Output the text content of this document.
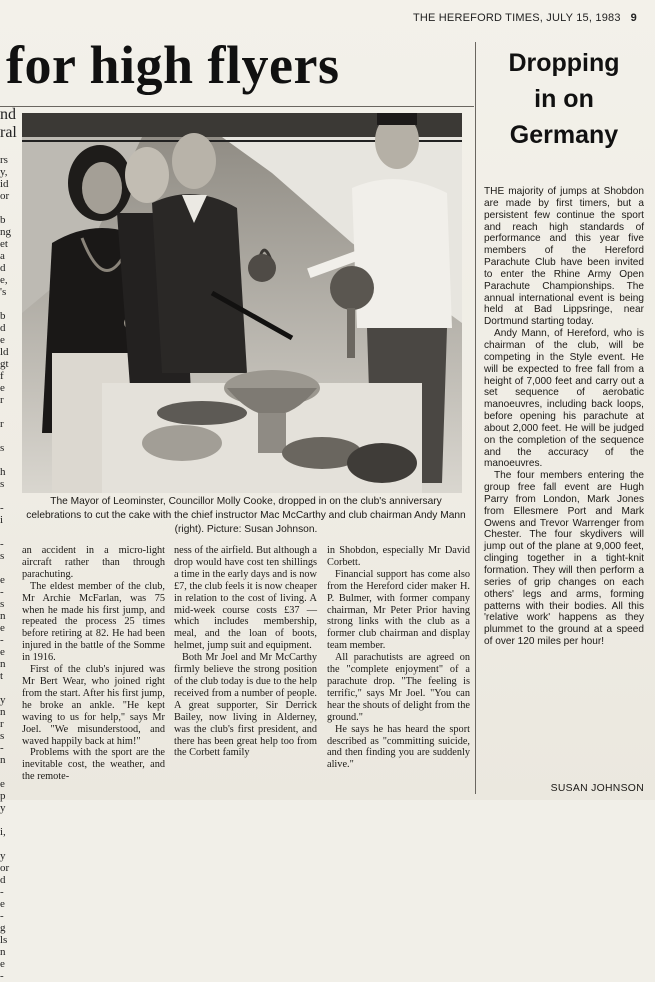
THE HEREFORD TIMES, JULY 15, 1983 9
for high flyers
nd
ral

rs
y,
id
or

b
ng
et
a
d
e,
's

b
d
e
ld
gt
f
e
r

r

s

h
s

-
i

-
s

e
-
s
n
e
-
e
n
t

y
n
r
s
-
n

e
p
y

i,

y
or
d
-
e
-
g
ls
n
e
-
The Mayor of Leominster, Councillor Molly Cooke, dropped in on the club's anniversary celebrations to cut the cake with the chief instructor Mac McCarthy and club chairman Andy Mann (right). Picture: Susan Johnson.

an accident in a micro-light aircraft rather than through parachuting.

The eldest member of the club, Mr Archie McFarlan, was 75 when he made his first jump, and repeated the process 25 times before retiring at 82. He had been injured in the battle of the Somme in 1916.

First of the club's injured was Mr Bert Wear, who joined right from the start. After his first jump, he broke an ankle. "He kept waving to us for help," says Mr Joel. "We misunderstood, and waved happily back at him!"

Problems with the sport are the inevitable cost, the weather, and the remote-

ness of the airfield. But although a drop would have cost ten shillings a time in the early days and is now £7, the club feels it is now cheaper in relation to the cost of living. A mid-week course costs £37 — which includes membership, meal, and the loan of boots, helmet, jump suit and equipment.

Both Mr Joel and Mr McCarthy firmly believe the strong position of the club today is due to the help received from a number of people. A great supporter, Sir Derrick Bailey, now living in Alderney, was the club's first president, and there has been great help too from the Corbett family

in Shobdon, especially Mr David Corbett.

Financial support has come also from the Hereford cider maker H. P. Bulmer, with former company chairman, Mr Peter Prior having strong links with the club as a former club chairman and display team member.

All parachutists are agreed on the "complete enjoyment" of a parachute drop. "The feeling is terrific," says Mr Joel. "You can hear the shouts of delight from the ground."

He says he has heard the sport described as "committing suicide, and then finding you are suddenly alive."

Dropping
in on
Germany

THE majority of jumps at Shobdon are made by first timers, but a persistent few continue the sport and reach high standards of performance and this year five members of the Hereford Parachute Club have been invited to enter the Rhine Army Open Parachute Championships. The annual international event is being held at Bad Lippsringe, near Dortmund starting today.

Andy Mann, of Hereford, who is chairman of the club, will be competing in the Style event. He will be expected to free fall from a height of 7,000 feet and carry out a set sequence of aerobatic manoeuvres, including back loops, before opening his parachute at about 2,000 feet. He will be judged on the completion of the sequence and the accuracy of the manoeuvres.

The four members entering the group free fall event are Hugh Parry from London, Mark Jones from Ellesmere Port and Mark Owens and Trevor Warrenger from Chester. The four skydivers will jump out of the plane at 9,000 feet, clinging together in a tight-knit formation. They will then perform a series of grip changes on each others' legs and arms, forming patterns with their bodies. All this 'relative work' happens as they plummet to the ground at a speed of over 120 miles per hour!

SUSAN JOHNSON
